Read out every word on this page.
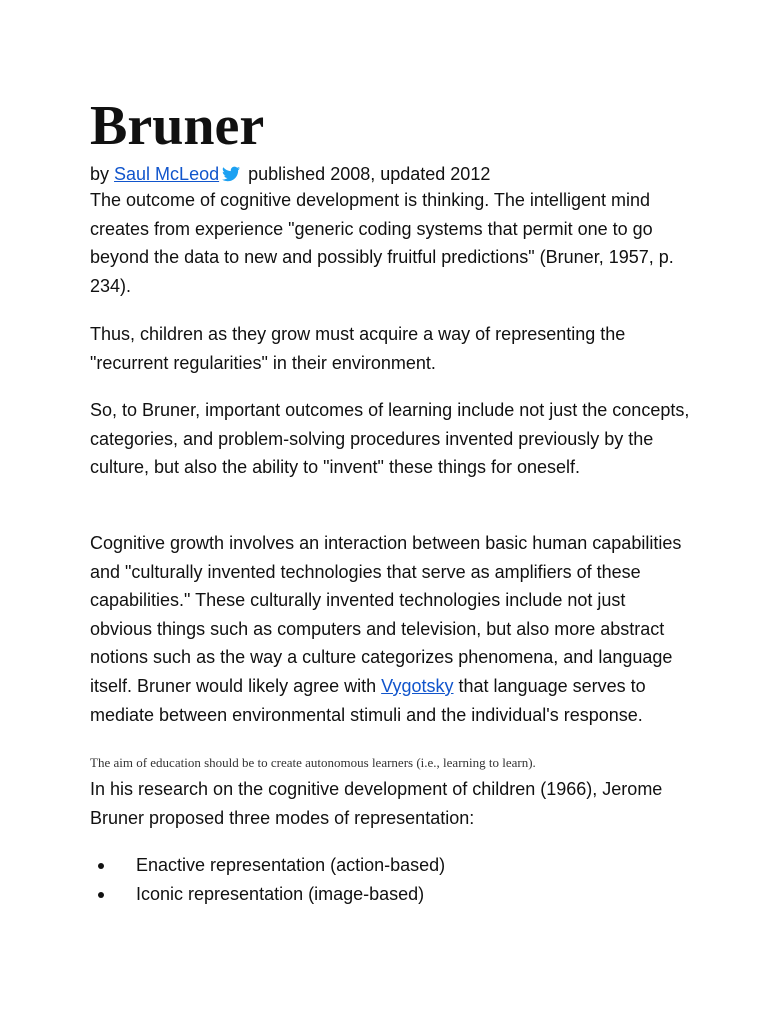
Bruner
by Saul McLeod published 2008, updated 2012

The outcome of cognitive development is thinking. The intelligent mind creates from experience "generic coding systems that permit one to go beyond the data to new and possibly fruitful predictions" (Bruner, 1957, p. 234).

Thus, children as they grow must acquire a way of representing the "recurrent regularities" in their environment.

So, to Bruner, important outcomes of learning include not just the concepts, categories, and problem-solving procedures invented previously by the culture, but also the ability to "invent" these things for oneself.

Cognitive growth involves an interaction between basic human capabilities and "culturally invented technologies that serve as amplifiers of these capabilities." These culturally invented technologies include not just obvious things such as computers and television, but also more abstract notions such as the way a culture categorizes phenomena, and language itself. Bruner would likely agree with Vygotsky that language serves to mediate between environmental stimuli and the individual's response.

The aim of education should be to create autonomous learners (i.e., learning to learn).

In his research on the cognitive development of children (1966), Jerome Bruner proposed three modes of representation:

Enactive representation (action-based)
Iconic representation (image-based)
